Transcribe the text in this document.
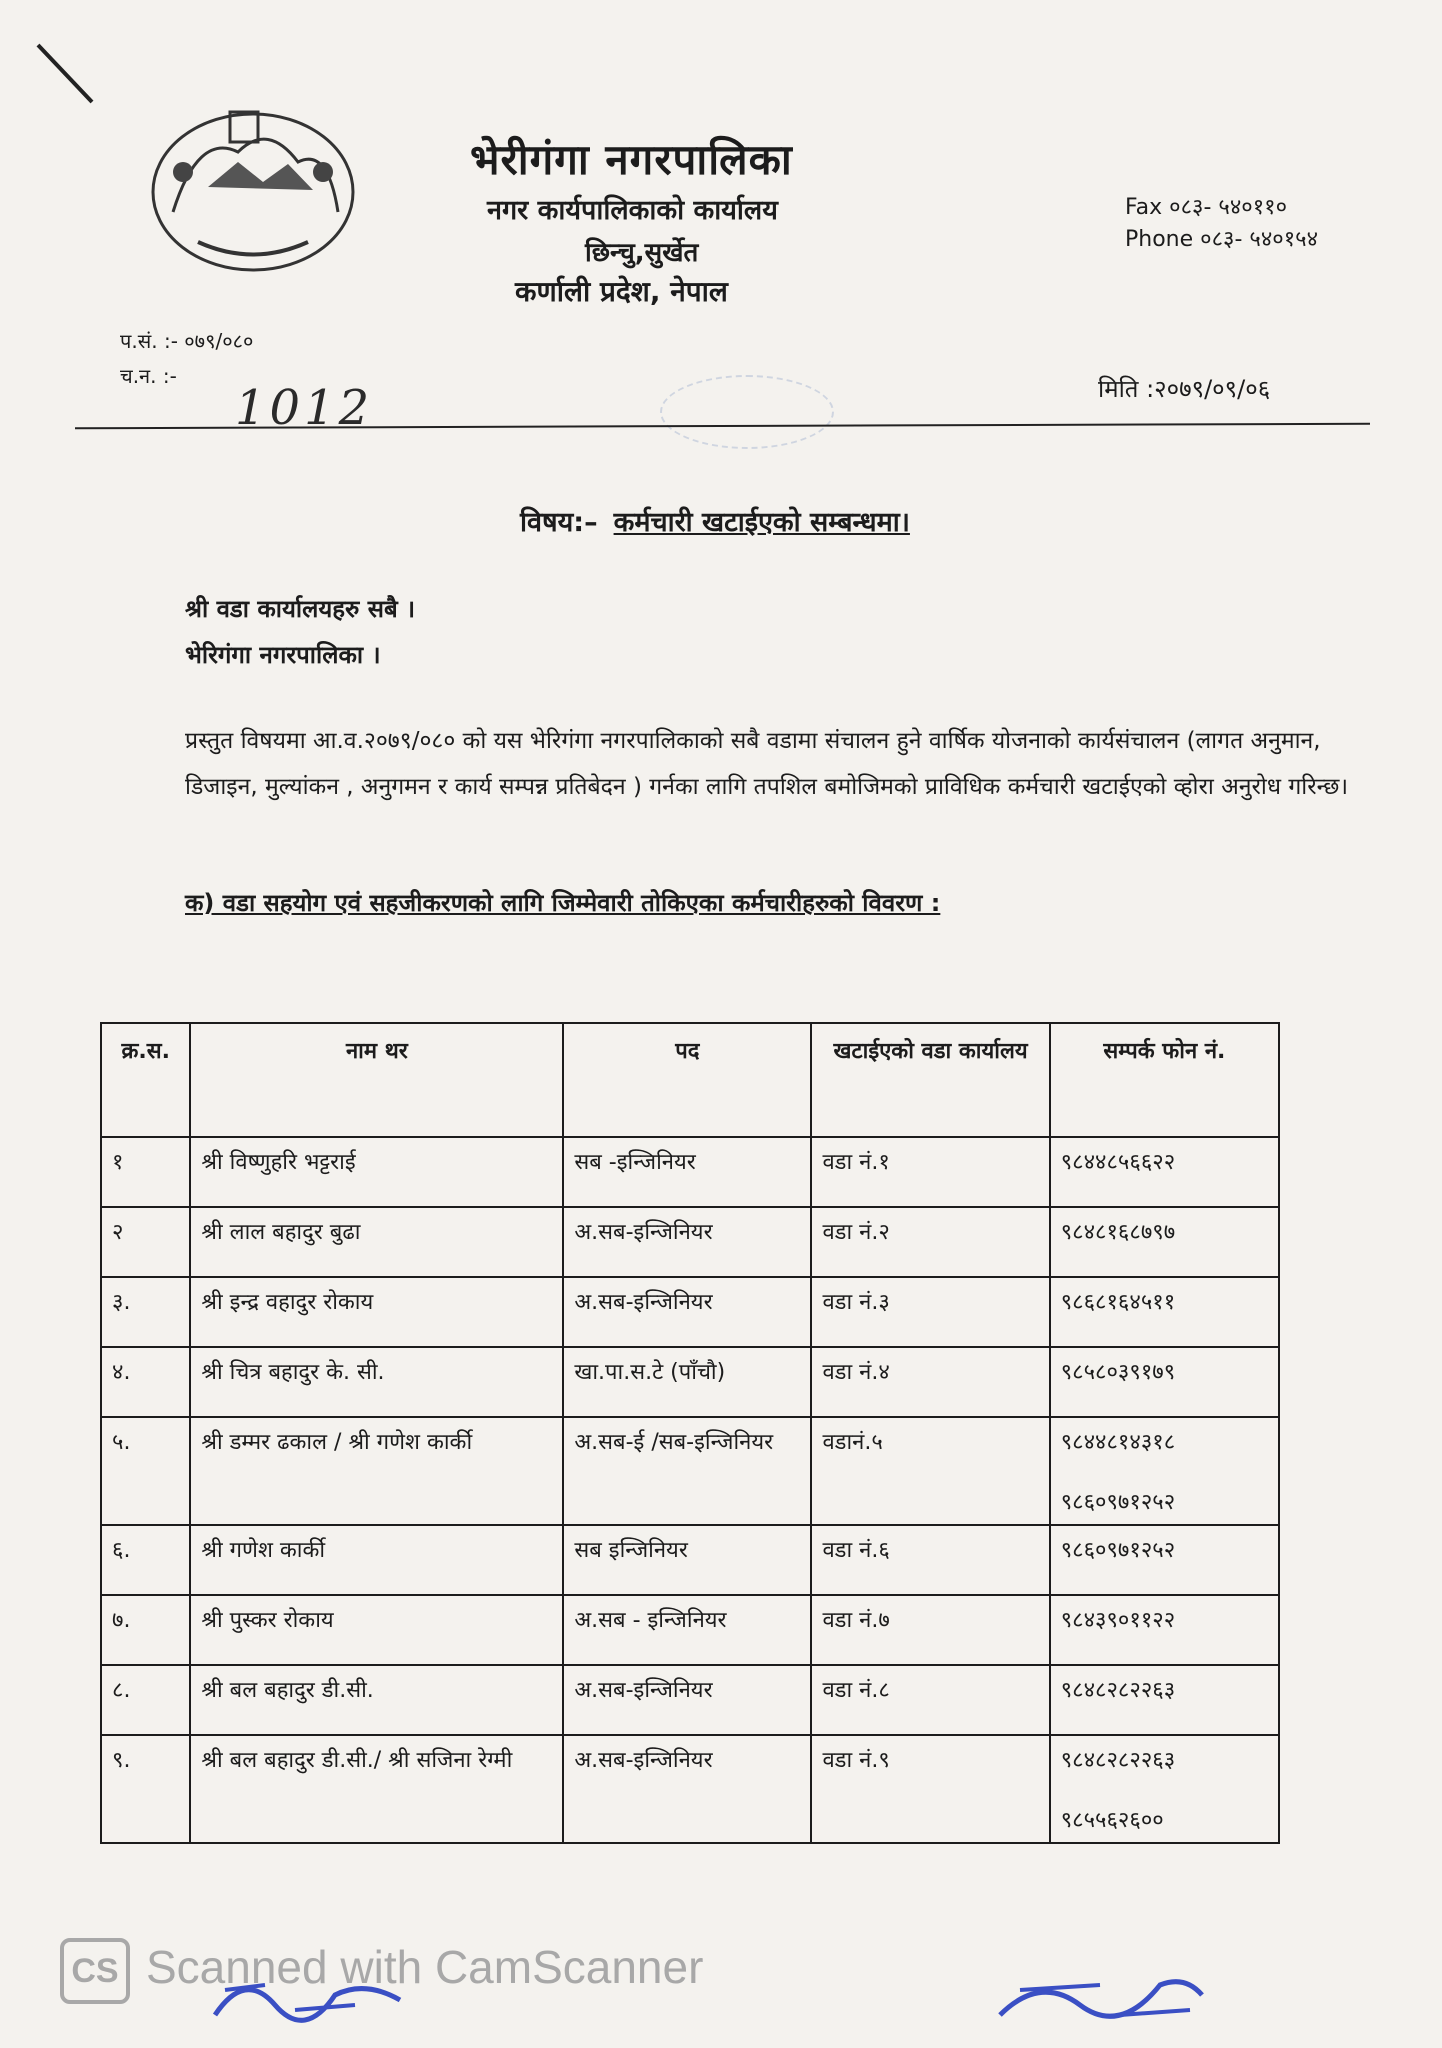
भेरीगंगा नगरपालिका
नगर कार्यपालिकाको कार्यालय
छिन्चु,सुर्खेत
कर्णाली प्रदेश, नेपाल
Fax ०८३- ५४०११०
Phone ०८३- ५४०१५४
प.सं. :- ०७९/०८०
च.न. :-
1012	मिति :२०७९/०९/०६
विषय:– कर्मचारी खटाईएको सम्बन्धमा।
श्री वडा कार्यालयहरु सबै ।
भेरिगंगा नगरपालिका ।
प्रस्तुत विषयमा आ.व.२०७९/०८० को यस भेरिगंगा नगरपालिकाको सबै वडामा संचालन हुने वार्षिक योजनाको कार्यसंचालन (लागत अनुमान, डिजाइन, मुल्यांकन , अनुगमन र कार्य सम्पन्न प्रतिबेदन ) गर्नका लागि तपशिल बमोजिमको प्राविधिक कर्मचारी खटाईएको व्होरा अनुरोध गरिन्छ।
क) वडा सहयोग एवं सहजीकरणको लागि जिम्मेवारी तोकिएका कर्मचारीहरुको विवरण :
क्र.स.	नाम थर	पद	खटाईएको वडा कार्यालय	सम्पर्क फोन नं.
१	श्री विष्णुहरि भट्टराई	सब -इन्जिनियर	वडा नं.१	९८४४८५६६२२

२	श्री लाल बहादुर बुढा	अ.सब-इन्जिनियर	वडा नं.२	९८४८१६८७९७

३.	श्री इन्द्र वहादुर रोकाय	अ.सब-इन्जिनियर	वडा नं.३	९८६८१६४५११

४.	श्री चित्र बहादुर के. सी.	खा.पा.स.टे (पाँचौ)	वडा नं.४	९८५८०३९१७९

५.	श्री डम्मर ढकाल / श्री गणेश कार्की	अ.सब-ई /सब-इन्जिनियर	वडानं.५	९८४४८१४३१८
९८६०९७१२५२

६.	श्री गणेश कार्की	सब इन्जिनियर	वडा नं.६	९८६०९७१२५२

७.	श्री पुस्कर रोकाय	अ.सब - इन्जिनियर	वडा नं.७	९८४३९०११२२

८.	श्री बल बहादुर डी.सी.	अ.सब-इन्जिनियर	वडा नं.८	९८४८२८२२६३

९.	श्री बल बहादुर डी.सी./ श्री सजिना रेग्मी	अ.सब-इन्जिनियर	वडा नं.९	९८४८२८२२६३
९८५५६२६००
CS Scanned with CamScanner
